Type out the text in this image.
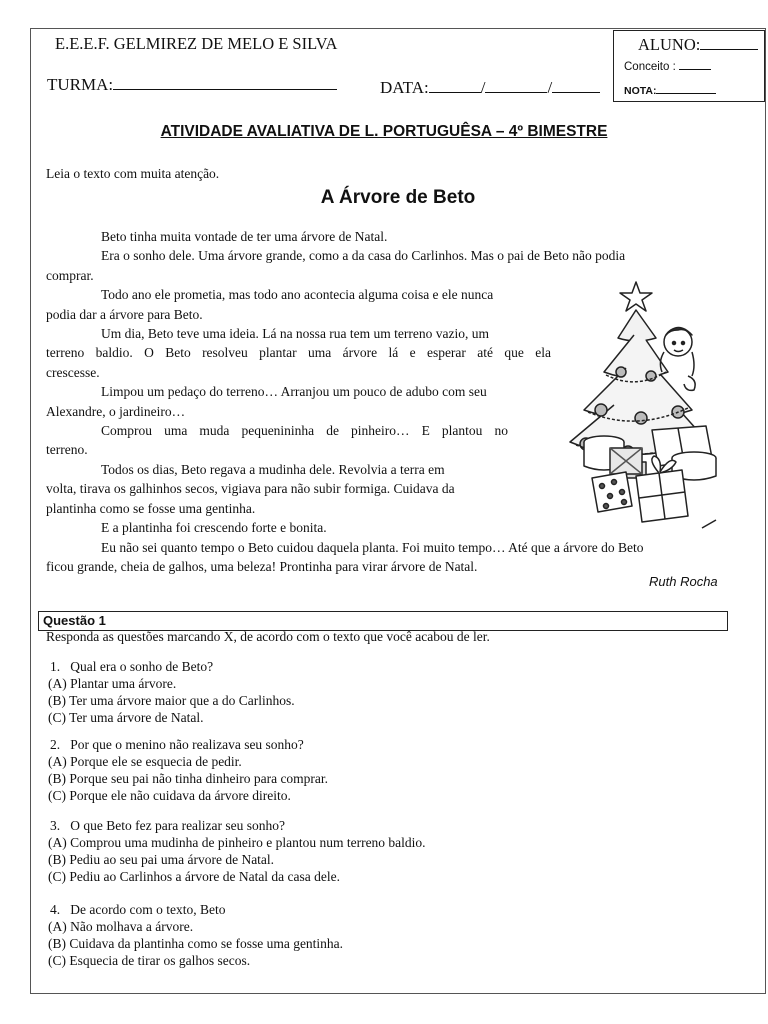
E.E.E.F. GELMIREZ DE MELO E SILVA
TURMA:	DATA:	/	/
ALUNO:
Conceito :
NOTA:
ATIVIDADE AVALIATIVA DE L. PORTUGUÊSA – 4º BIMESTRE
Leia o texto com muita atenção.
A Árvore de Beto
Beto tinha muita vontade de ter uma árvore de Natal.
Era o sonho dele. Uma árvore grande, como a da casa do Carlinhos. Mas o pai de Beto não podia
comprar.
Todo ano ele prometia, mas todo ano acontecia alguma coisa e ele nunca
podia dar a árvore para Beto.
Um dia, Beto teve uma ideia. Lá na nossa rua tem um terreno vazio, um
terreno baldio. O Beto resolveu plantar uma árvore lá e esperar até que ela
crescesse.
Limpou um pedaço do terreno… Arranjou um pouco de adubo com seu
Alexandre, o jardineiro…
Comprou uma muda pequenininha de pinheiro… E plantou no
terreno.
Todos os dias, Beto regava a mudinha dele. Revolvia a terra em
volta, tirava os galhinhos secos, vigiava para não subir formiga. Cuidava da
plantinha como se fosse uma gentinha.
E a plantinha foi crescendo forte e bonita.
Eu não sei quanto tempo o Beto cuidou daquela planta. Foi muito tempo… Até que a árvore do Beto
ficou grande, cheia de galhos, uma beleza! Prontinha para virar árvore de Natal.
Ruth Rocha
Questão 1
Responda as questões marcando X, de acordo com o texto que você acabou de ler.
1. Qual era o sonho de Beto?
(A) Plantar uma árvore.
(B) Ter uma árvore maior que a do Carlinhos.
(C) Ter uma árvore de Natal.
2. Por que o menino não realizava seu sonho?
(A) Porque ele se esquecia de pedir.
(B) Porque seu pai não tinha dinheiro para comprar.
(C) Porque ele não cuidava da árvore direito.
3. O que Beto fez para realizar seu sonho?
(A) Comprou uma mudinha de pinheiro e plantou num terreno baldio.
(B) Pediu ao seu pai uma árvore de Natal.
(C) Pediu ao Carlinhos a árvore de Natal da casa dele.
4. De acordo com o texto, Beto
(A) Não molhava a árvore.
(B) Cuidava da plantinha como se fosse uma gentinha.
(C) Esquecia de tirar os galhos secos.
